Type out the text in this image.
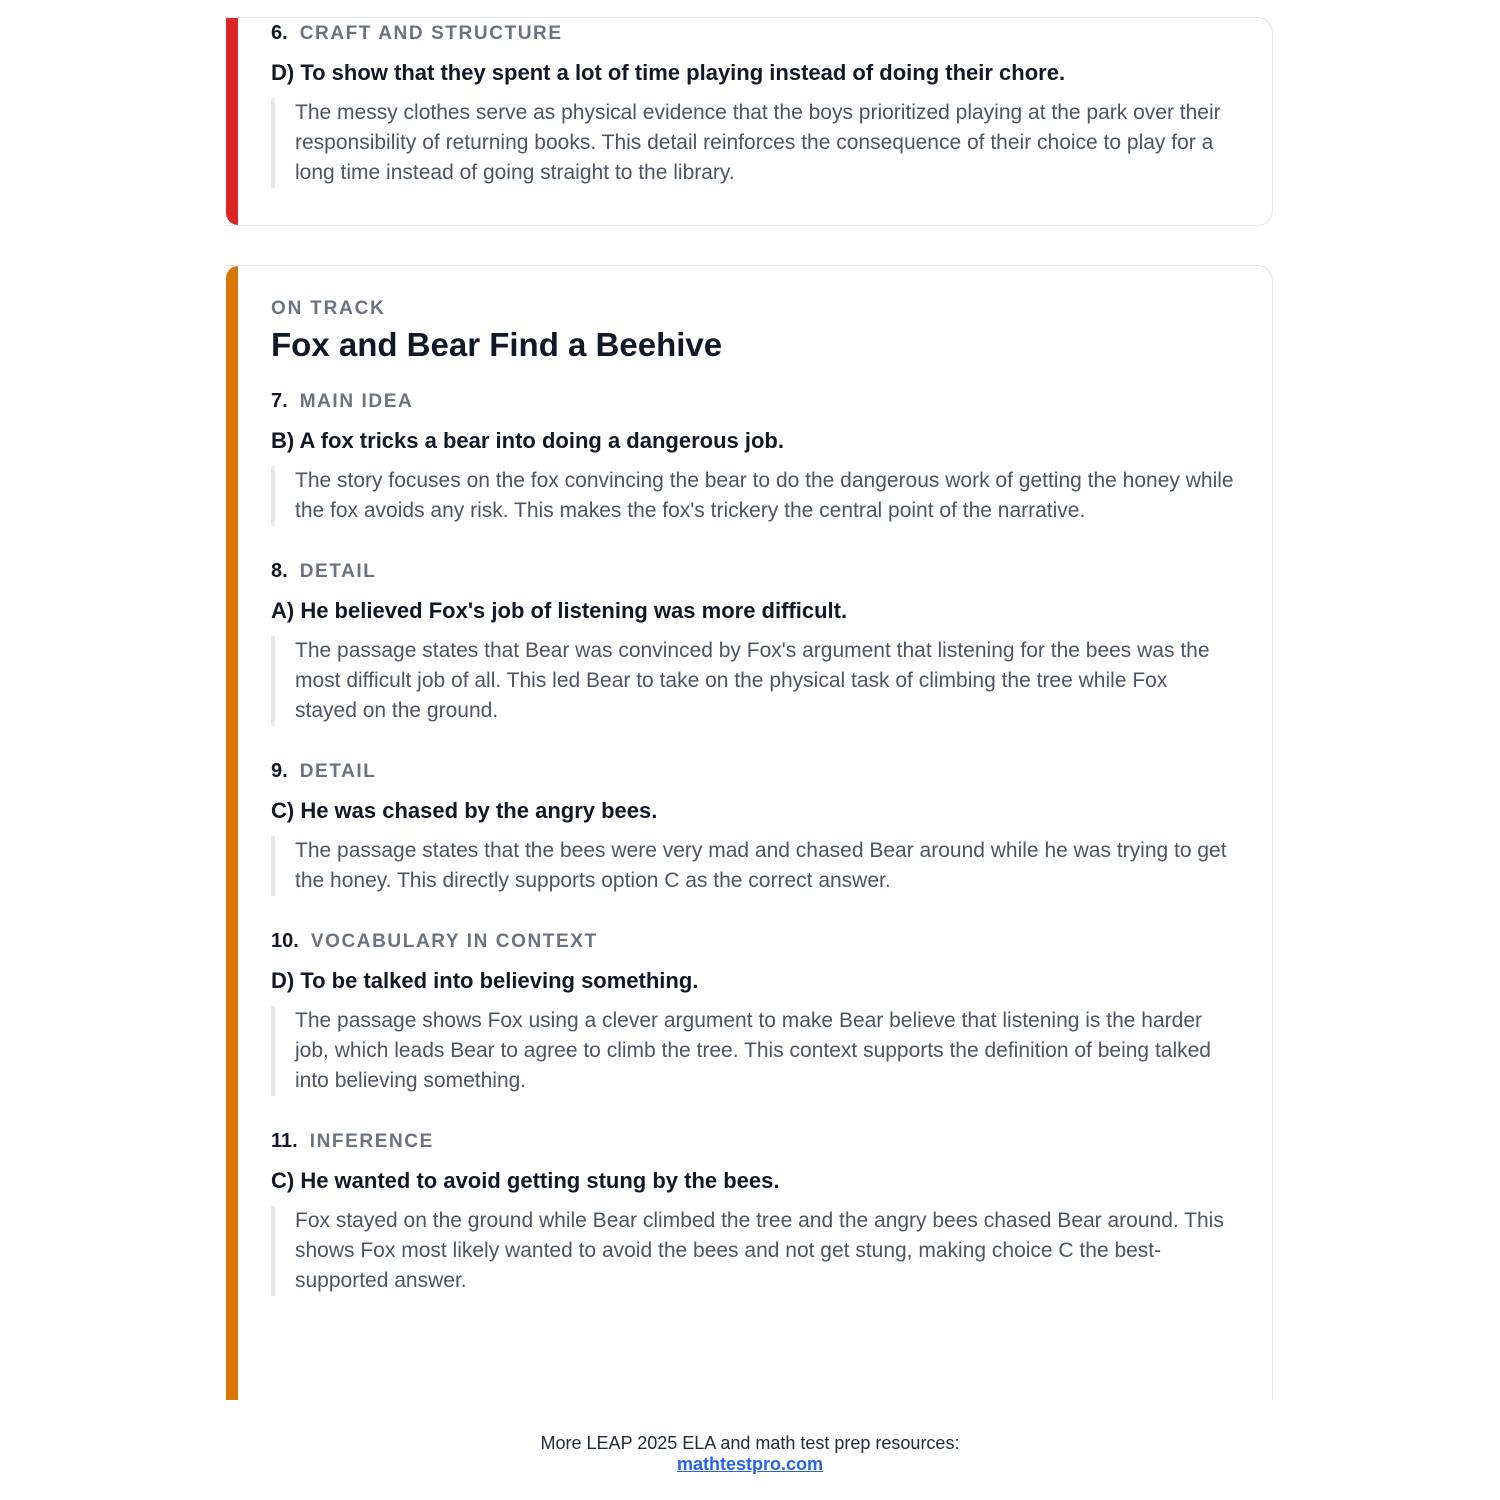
6. CRAFT AND STRUCTURE
D) To show that they spent a lot of time playing instead of doing their chore.
The messy clothes serve as physical evidence that the boys prioritized playing at the park over their responsibility of returning books. This detail reinforces the consequence of their choice to play for a long time instead of going straight to the library.
ON TRACK
Fox and Bear Find a Beehive
7. MAIN IDEA
B) A fox tricks a bear into doing a dangerous job.
The story focuses on the fox convincing the bear to do the dangerous work of getting the honey while the fox avoids any risk. This makes the fox's trickery the central point of the narrative.
8. DETAIL
A) He believed Fox's job of listening was more difficult.
The passage states that Bear was convinced by Fox's argument that listening for the bees was the most difficult job of all. This led Bear to take on the physical task of climbing the tree while Fox stayed on the ground.
9. DETAIL
C) He was chased by the angry bees.
The passage states that the bees were very mad and chased Bear around while he was trying to get the honey. This directly supports option C as the correct answer.
10. VOCABULARY IN CONTEXT
D) To be talked into believing something.
The passage shows Fox using a clever argument to make Bear believe that listening is the harder job, which leads Bear to agree to climb the tree. This context supports the definition of being talked into believing something.
11. INFERENCE
C) He wanted to avoid getting stung by the bees.
Fox stayed on the ground while Bear climbed the tree and the angry bees chased Bear around. This shows Fox most likely wanted to avoid the bees and not get stung, making choice C the best-supported answer.
More LEAP 2025 ELA and math test prep resources:
mathtestpro.com
